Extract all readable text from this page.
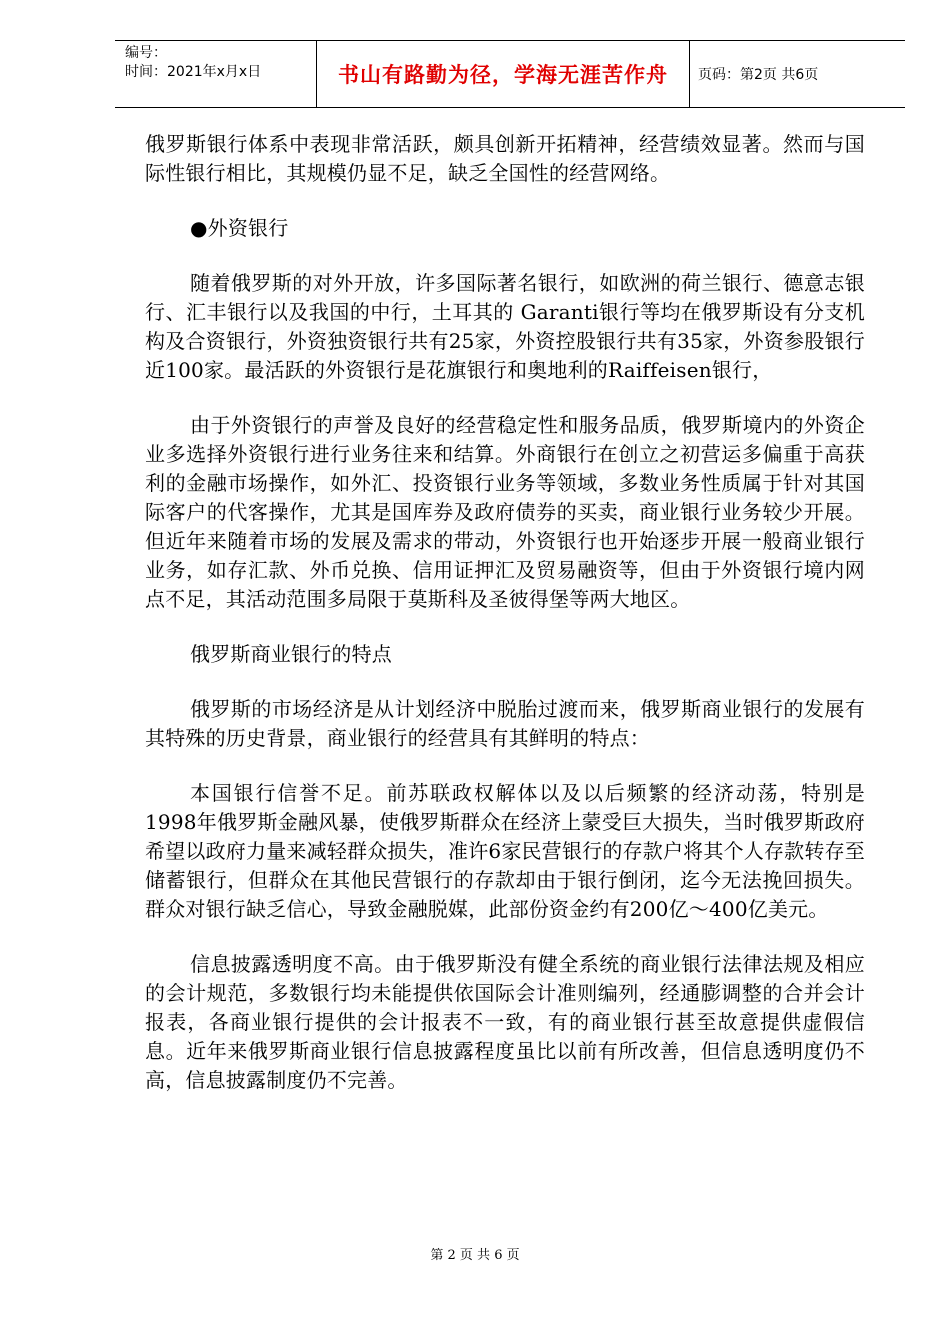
编号：
时间：2021年x月x日	书山有路勤为径，学海无涯苦作舟	页码：第2页 共6页

俄罗斯银行体系中表现非常活跃，颇具创新开拓精神，经营绩效显著。然而与国际性银行相比，其规模仍显不足，缺乏全国性的经营网络。

●外资银行

随着俄罗斯的对外开放，许多国际著名银行，如欧洲的荷兰银行、德意志银行、汇丰银行以及我国的中行，土耳其的 Garanti银行等均在俄罗斯设有分支机构及合资银行，外资独资银行共有25家，外资控股银行共有35家，外资参股银行近100家。最活跃的外资银行是花旗银行和奥地利的Raiffeisen银行，

由于外资银行的声誉及良好的经营稳定性和服务品质，俄罗斯境内的外资企业多选择外资银行进行业务往来和结算。外商银行在创立之初营运多偏重于高获利的金融市场操作，如外汇、投资银行业务等领域，多数业务性质属于针对其国际客户的代客操作，尤其是国库券及政府债券的买卖，商业银行业务较少开展。但近年来随着市场的发展及需求的带动，外资银行也开始逐步开展一般商业银行业务，如存汇款、外币兑换、信用证押汇及贸易融资等，但由于外资银行境内网点不足，其活动范围多局限于莫斯科及圣彼得堡等两大地区。

俄罗斯商业银行的特点

俄罗斯的市场经济是从计划经济中脱胎过渡而来，俄罗斯商业银行的发展有其特殊的历史背景，商业银行的经营具有其鲜明的特点：

本国银行信誉不足。前苏联政权解体以及以后频繁的经济动荡，特别是1998年俄罗斯金融风暴，使俄罗斯群众在经济上蒙受巨大损失，当时俄罗斯政府希望以政府力量来减轻群众损失，准许6家民营银行的存款户将其个人存款转存至储蓄银行，但群众在其他民营银行的存款却由于银行倒闭，迄今无法挽回损失。群众对银行缺乏信心，导致金融脱媒，此部份资金约有200亿～400亿美元。

信息披露透明度不高。由于俄罗斯没有健全系统的商业银行法律法规及相应的会计规范，多数银行均未能提供依国际会计准则编列，经通膨调整的合并会计报表，各商业银行提供的会计报表不一致，有的商业银行甚至故意提供虚假信息。近年来俄罗斯商业银行信息披露程度虽比以前有所改善，但信息透明度仍不高，信息披露制度仍不完善。

第 2 页 共 6 页
